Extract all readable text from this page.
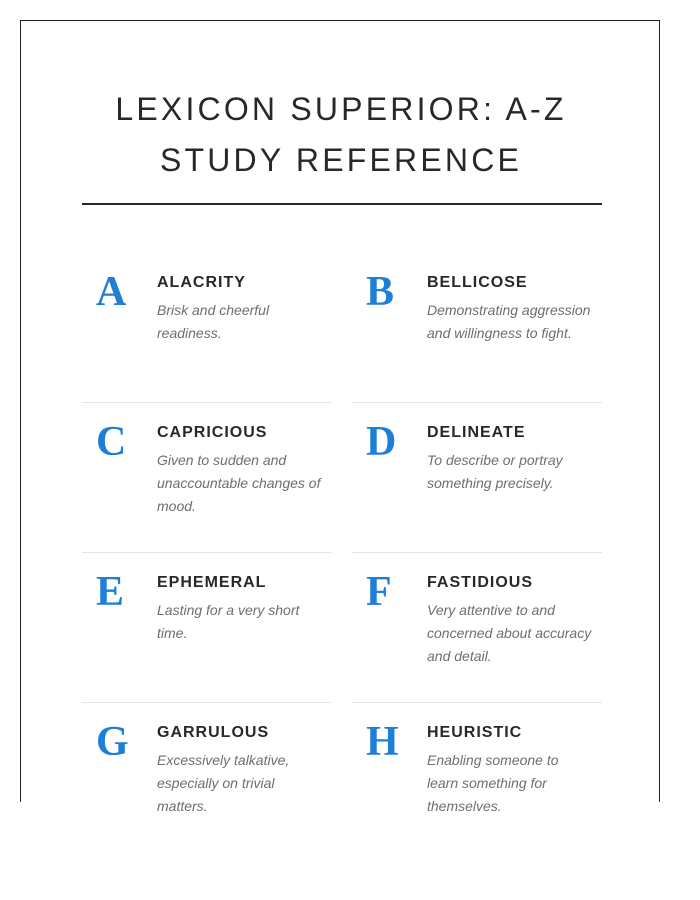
LEXICON SUPERIOR: A-Z
STUDY REFERENCE
A ALACRITY
Brisk and cheerful readiness.
B BELLICOSE
Demonstrating aggression and willingness to fight.
C CAPRICIOUS
Given to sudden and unaccountable changes of mood.
D DELINEATE
To describe or portray something precisely.
E EPHEMERAL
Lasting for a very short time.
F FASTIDIOUS
Very attentive to and concerned about accuracy and detail.
G GARRULOUS
Excessively talkative, especially on trivial matters.
H HEURISTIC
Enabling someone to learn something for themselves.
